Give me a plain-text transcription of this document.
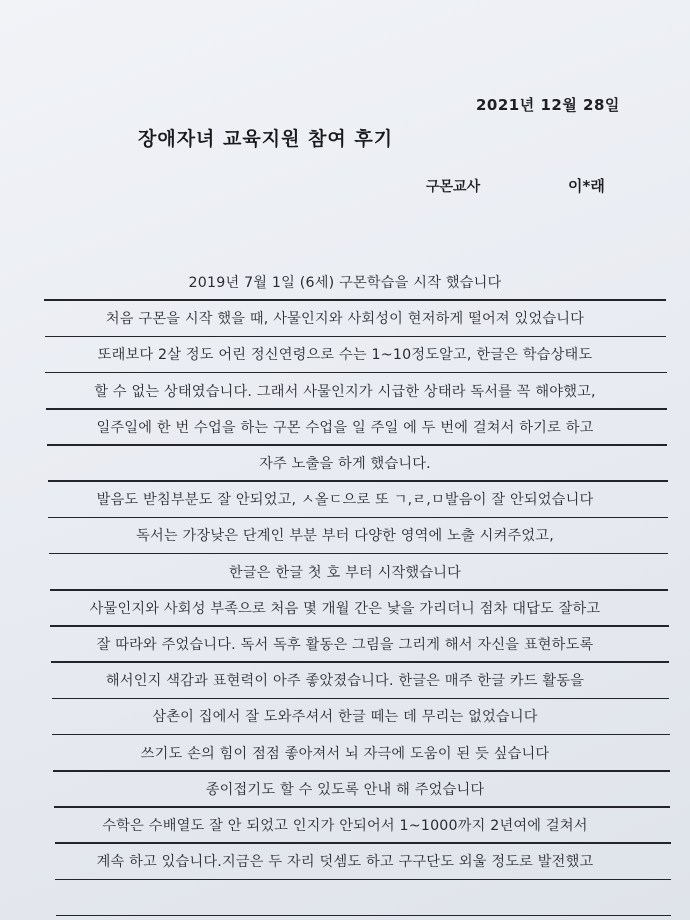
2021년 12월 28일
장애자녀 교육지원 참여 후기
구몬교사	이*래
2019년 7월 1일 (6세) 구몬학습을 시작 했습니다
처음 구몬을 시작 했을 때, 사물인지와 사회성이 현저하게 떨어져 있었습니다
또래보다 2살 정도 어린 정신연령으로 수는 1~10정도알고, 한글은 학습상태도
할 수 없는 상태였습니다. 그래서 사물인지가 시급한 상태라 독서를 꼭 해야했고,
일주일에 한 번 수업을 하는 구몬 수업을 일 주일 에 두 번에 걸쳐서 하기로 하고
자주 노출을 하게 했습니다.
발음도 받침부분도 잘 안되었고, ㅅ올ㄷ으로 또 ㄱ,ㄹ,ㅁ발음이 잘 안되었습니다
독서는 가장낮은 단계인 부분 부터 다양한 영역에 노출 시켜주었고,
한글은 한글 첫 호 부터 시작했습니다
사물인지와 사회성 부족으로 처음 몇 개월 간은 낯을 가리더니 점차 대답도 잘하고
잘 따라와 주었습니다. 독서 독후 활동은 그림을 그리게 해서 자신을 표현하도록
해서인지 색감과 표현력이 아주 좋았졌습니다. 한글은 매주 한글 카드 활동을
삼촌이 집에서 잘 도와주셔서 한글 떼는 데 무리는 없었습니다
쓰기도 손의 힘이 점점 좋아져서 뇌 자극에 도움이 된 듯 싶습니다
종이접기도 할 수 있도록 안내 해 주었습니다
수학은 수배열도 잘 안 되었고 인지가 안되어서 1~1000까지 2년여에 걸쳐서
계속 하고 있습니다.지금은 두 자리 덧셈도 하고 구구단도 외울 정도로 발전했고
